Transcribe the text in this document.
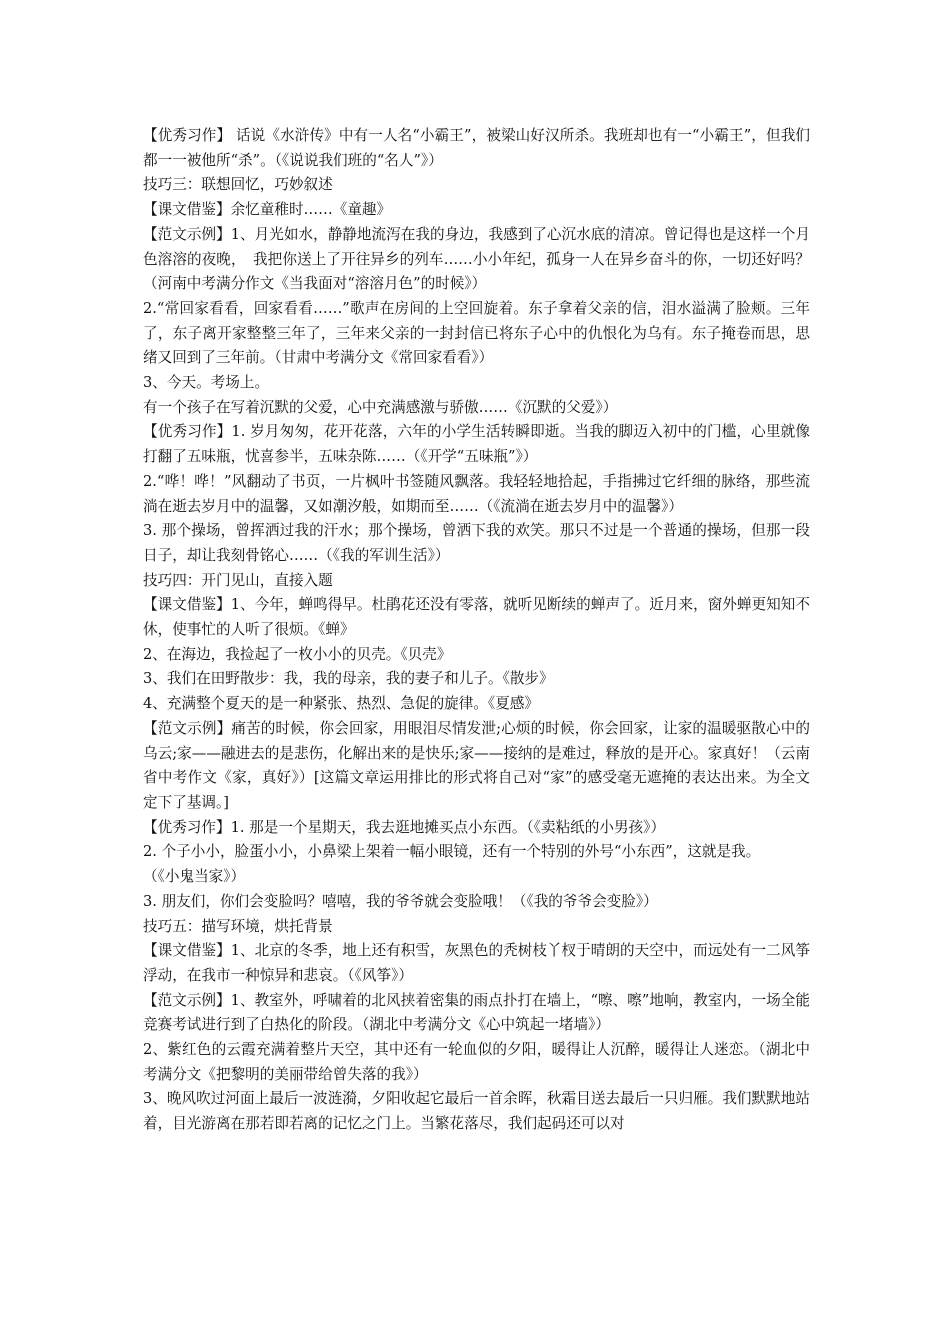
【优秀习作】 话说《水浒传》中有一人名“小霸王”，被梁山好汉所杀。我班却也有一“小霸王”，但我们都一一被他所“杀”。（《说说我们班的“名人”》）

技巧三：联想回忆，巧妙叙述

【课文借鉴】余忆童稚时……《童趣》

【范文示例】1、月光如水，静静地流泻在我的身边，我感到了心沉水底的清凉。曾记得也是这样一个月色溶溶的夜晚，　我把你送上了开往异乡的列车……小小年纪，孤身一人在异乡奋斗的你，一切还好吗？（河南中考满分作文《当我面对“溶溶月色”的时候》）

2.“常回家看看，回家看看……”歌声在房间的上空回旋着。东子拿着父亲的信，泪水溢满了脸颊。三年了，东子离开家整整三年了，三年来父亲的一封封信已将东子心中的仇恨化为乌有。东子掩卷而思，思绪又回到了三年前。（甘肃中考满分文《常回家看看》）

3、今天。考场上。

有一个孩子在写着沉默的父爱，心中充满感激与骄傲……《沉默的父爱》）

【优秀习作】1. 岁月匆匆，花开花落，六年的小学生活转瞬即逝。当我的脚迈入初中的门槛，心里就像打翻了五味瓶，忧喜参半，五味杂陈……（《开学“五味瓶”》）

2.“哗！哗！”风翻动了书页，一片枫叶书签随风飘落。我轻轻地拾起，手指拂过它纤细的脉络，那些流淌在逝去岁月中的温馨，又如潮汐般，如期而至……（《流淌在逝去岁月中的温馨》）

3. 那个操场，曾挥洒过我的汗水；那个操场，曾洒下我的欢笑。那只不过是一个普通的操场，但那一段日子，却让我刻骨铭心……（《我的军训生活》）

技巧四：开门见山，直接入题

【课文借鉴】1、今年，蝉鸣得早。杜鹃花还没有零落，就听见断续的蝉声了。近月来，窗外蝉更知知不休，使事忙的人听了很烦。《蝉》

2、在海边，我捡起了一枚小小的贝壳。《贝壳》

3、我们在田野散步：我，我的母亲，我的妻子和儿子。《散步》

4、充满整个夏天的是一种紧张、热烈、急促的旋律。《夏感》

【范文示例】痛苦的时候，你会回家，用眼泪尽情发泄;心烦的时候，你会回家，让家的温暖驱散心中的乌云;家——融进去的是悲伤，化解出来的是快乐;家——接纳的是难过，释放的是开心。家真好！（云南省中考作文《家，真好》）[这篇文章运用排比的形式将自己对“家”的感受毫无遮掩的表达出来。为全文定下了基调。]

【优秀习作】1. 那是一个星期天，我去逛地摊买点小东西。（《卖粘纸的小男孩》）

2. 个子小小，脸蛋小小，小鼻梁上架着一幅小眼镜，还有一个特别的外号“小东西”，这就是我。

（《小鬼当家》）

3. 朋友们，你们会变脸吗？嘻嘻，我的爷爷就会变脸哦！（《我的爷爷会变脸》）

技巧五：描写环境，烘托背景

【课文借鉴】1、北京的冬季，地上还有积雪，灰黑色的秃树枝丫杈于晴朗的天空中，而远处有一二风筝浮动，在我市一种惊异和悲哀。（《风筝》）

【范文示例】1、教室外，呼啸着的北风挟着密集的雨点扑打在墙上，“嚓、嚓”地响，教室内，一场全能竞赛考试进行到了白热化的阶段。（湖北中考满分文《心中筑起一堵墙》）

2、紫红色的云霞充满着整片天空，其中还有一轮血似的夕阳，暖得让人沉醉，暖得让人迷恋。（湖北中考满分文《把黎明的美丽带给曾失落的我》）

3、晚风吹过河面上最后一波涟漪，夕阳收起它最后一首余晖，秋霜目送去最后一只归雁。我们默默地站着，目光游离在那若即若离的记忆之门上。当繁花落尽，我们起码还可以对
